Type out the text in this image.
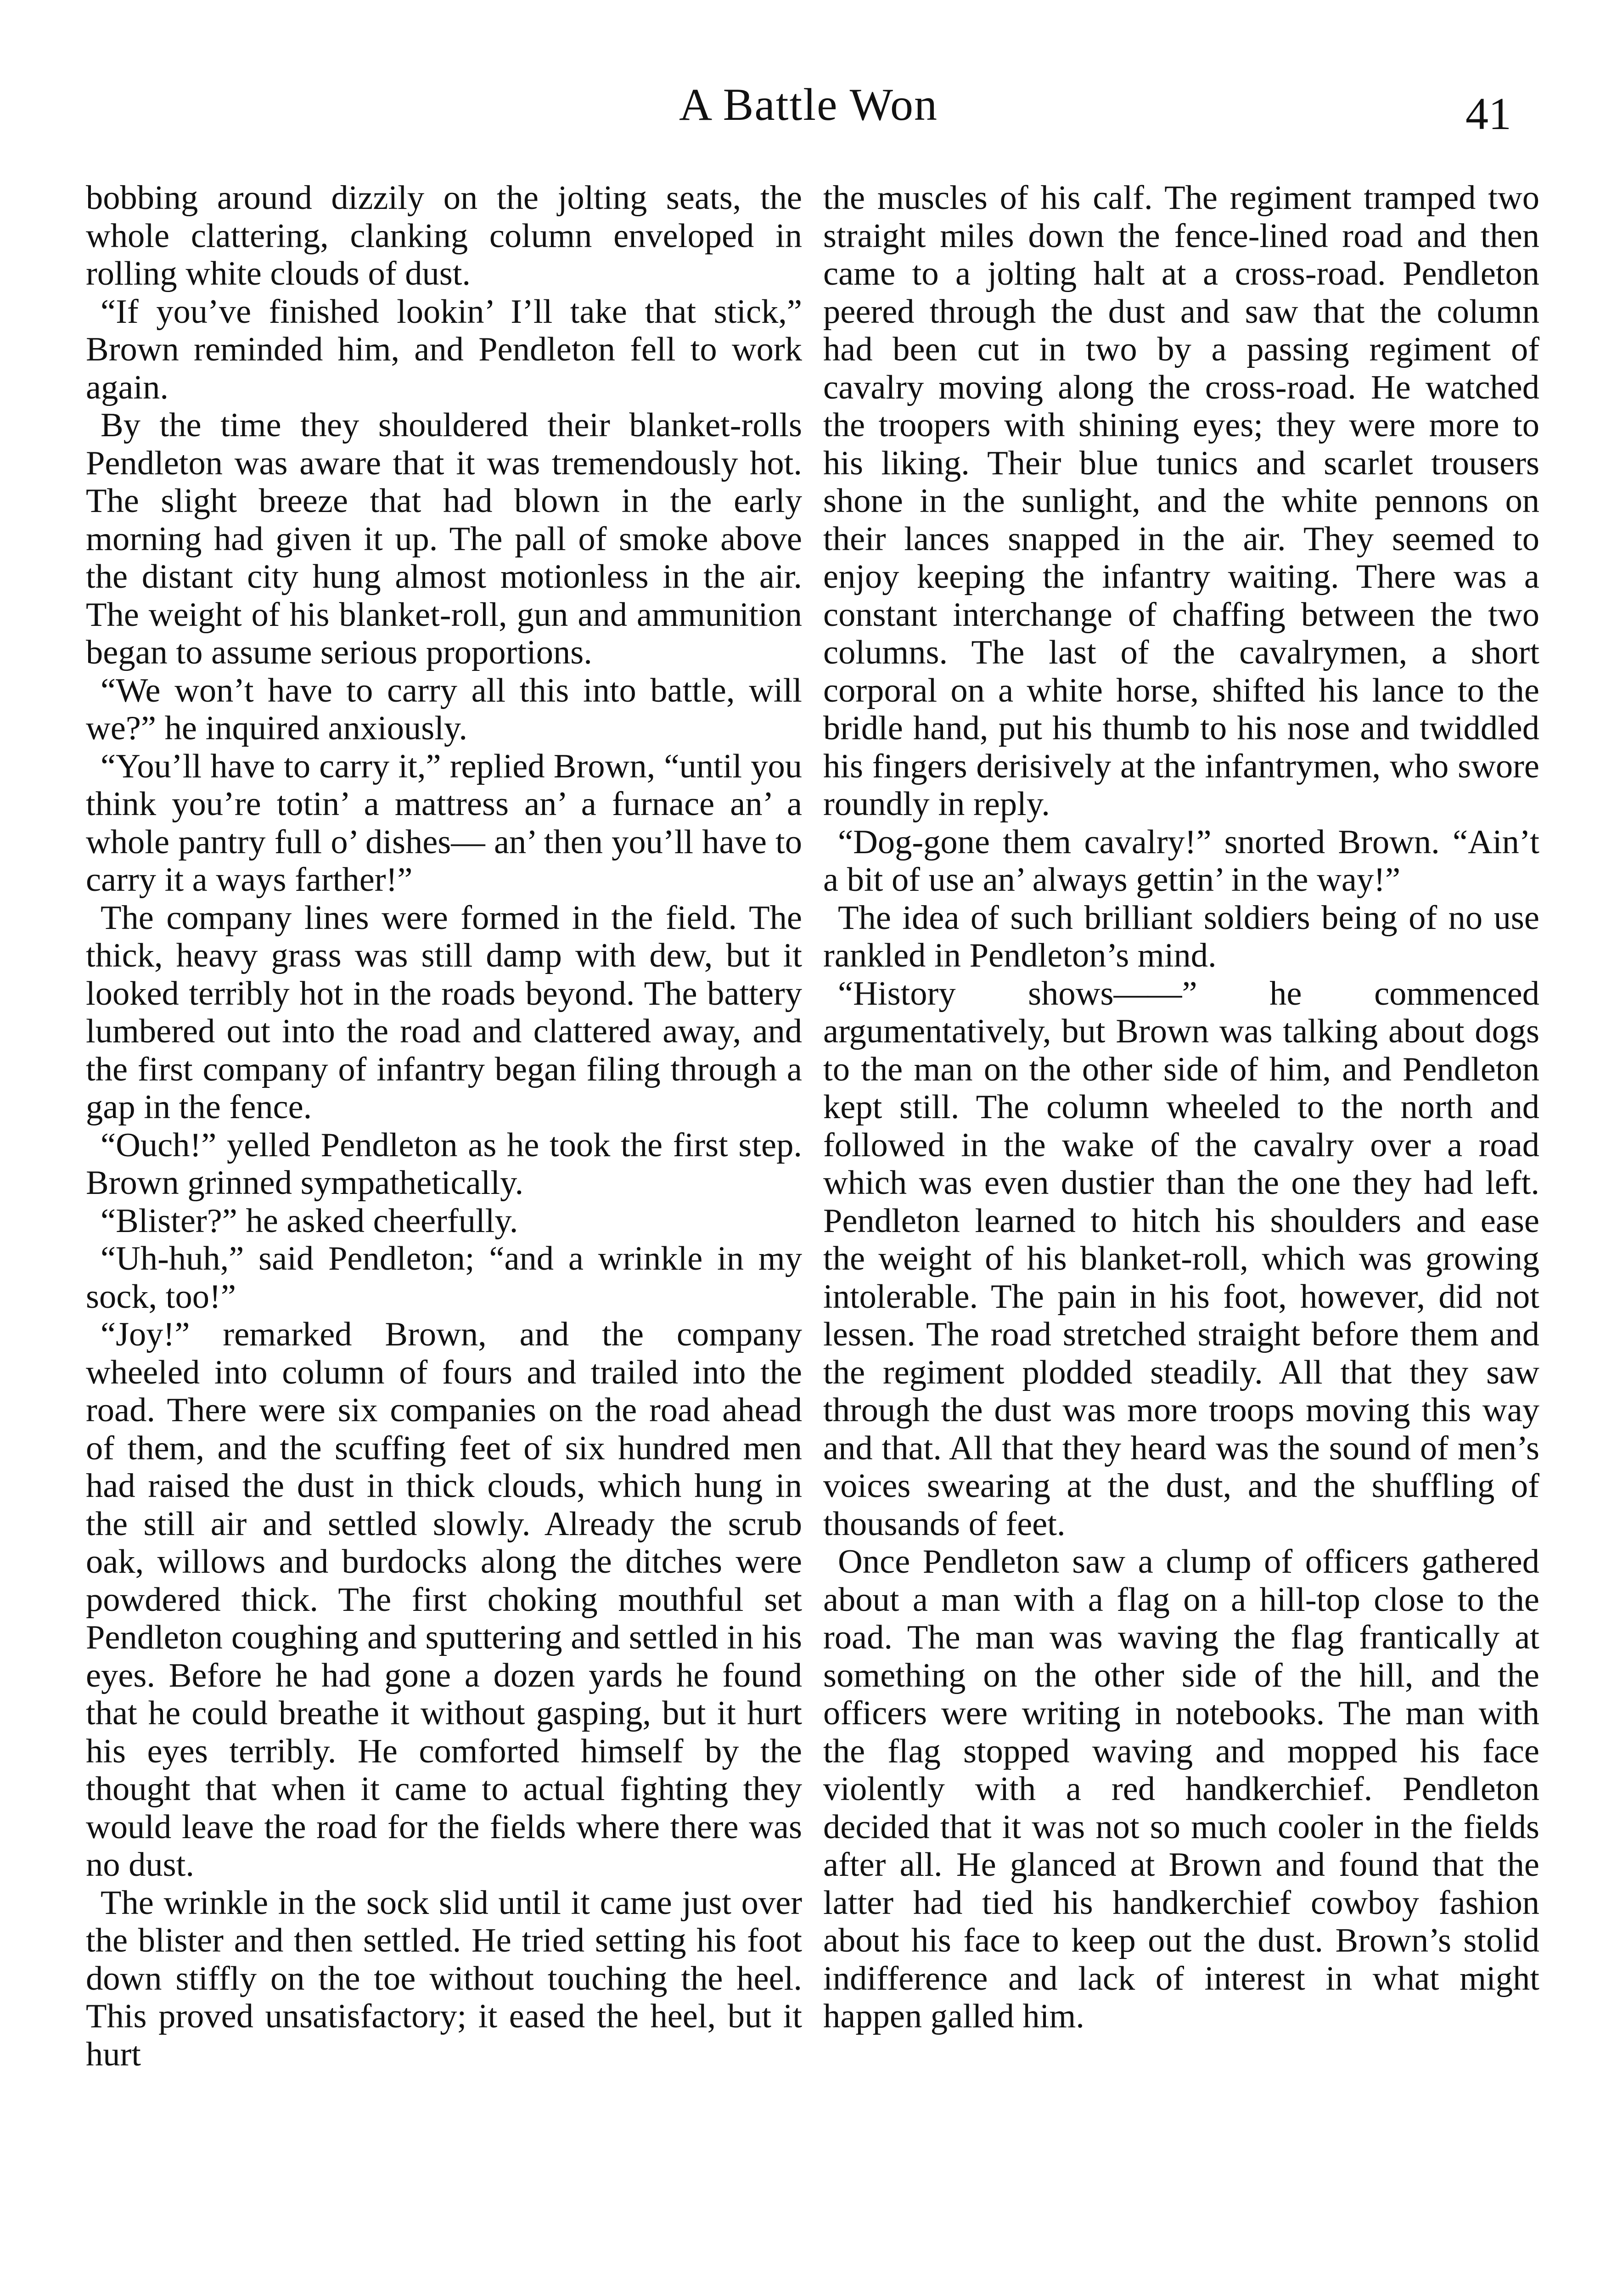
A Battle Won	41

bobbing around dizzily on the jolting seats, the whole clattering, clanking column enveloped in rolling white clouds of dust.

“If you’ve finished lookin’ I’ll take that stick,” Brown reminded him, and Pendleton fell to work again.

By the time they shouldered their blanket-rolls Pendleton was aware that it was tremendously hot. The slight breeze that had blown in the early morning had given it up. The pall of smoke above the distant city hung almost motionless in the air. The weight of his blanket-roll, gun and ammunition began to assume serious proportions.

“We won’t have to carry all this into battle, will we?” he inquired anxiously.

“You’ll have to carry it,” replied Brown, “until you think you’re totin’ a mattress an’ a furnace an’ a whole pantry full o’ dishes— an’ then you’ll have to carry it a ways farther!”

The company lines were formed in the field. The thick, heavy grass was still damp with dew, but it looked terribly hot in the roads beyond. The battery lumbered out into the road and clattered away, and the first company of infantry began filing through a gap in the fence.

“Ouch!” yelled Pendleton as he took the first step. Brown grinned sympathetically.

“Blister?” he asked cheerfully.

“Uh-huh,” said Pendleton; “and a wrinkle in my sock, too!”

“Joy!” remarked Brown, and the company wheeled into column of fours and trailed into the road. There were six companies on the road ahead of them, and the scuffing feet of six hundred men had raised the dust in thick clouds, which hung in the still air and settled slowly. Already the scrub oak, willows and burdocks along the ditches were powdered thick. The first choking mouthful set Pendleton coughing and sputtering and settled in his eyes. Before he had gone a dozen yards he found that he could breathe it without gasping, but it hurt his eyes terribly. He comforted himself by the thought that when it came to actual fighting they would leave the road for the fields where there was no dust.

The wrinkle in the sock slid until it came just over the blister and then settled. He tried setting his foot down stiffly on the toe without touching the heel. This proved unsatisfactory; it eased the heel, but it hurt

the muscles of his calf. The regiment tramped two straight miles down the fence-lined road and then came to a jolting halt at a cross-road. Pendleton peered through the dust and saw that the column had been cut in two by a passing regiment of cavalry moving along the cross-road. He watched the troopers with shining eyes; they were more to his liking. Their blue tunics and scarlet trousers shone in the sunlight, and the white pennons on their lances snapped in the air. They seemed to enjoy keeping the infantry waiting. There was a constant interchange of chaffing between the two columns. The last of the cavalrymen, a short corporal on a white horse, shifted his lance to the bridle hand, put his thumb to his nose and twiddled his fingers derisively at the infantrymen, who swore roundly in reply.

“Dog-gone them cavalry!” snorted Brown. “Ain’t a bit of use an’ always gettin’ in the way!”

The idea of such brilliant soldiers being of no use rankled in Pendleton’s mind.

“History shows——” he commenced argumentatively, but Brown was talking about dogs to the man on the other side of him, and Pendleton kept still. The column wheeled to the north and followed in the wake of the cavalry over a road which was even dustier than the one they had left. Pendleton learned to hitch his shoulders and ease the weight of his blanket-roll, which was growing intolerable. The pain in his foot, however, did not lessen. The road stretched straight before them and the regiment plodded steadily. All that they saw through the dust was more troops moving this way and that. All that they heard was the sound of men’s voices swearing at the dust, and the shuffling of thousands of feet.

Once Pendleton saw a clump of officers gathered about a man with a flag on a hill-top close to the road. The man was waving the flag frantically at something on the other side of the hill, and the officers were writing in notebooks. The man with the flag stopped waving and mopped his face violently with a red handkerchief. Pendleton decided that it was not so much cooler in the fields after all. He glanced at Brown and found that the latter had tied his handkerchief cowboy fashion about his face to keep out the dust. Brown’s stolid indifference and lack of interest in what might happen galled him.
